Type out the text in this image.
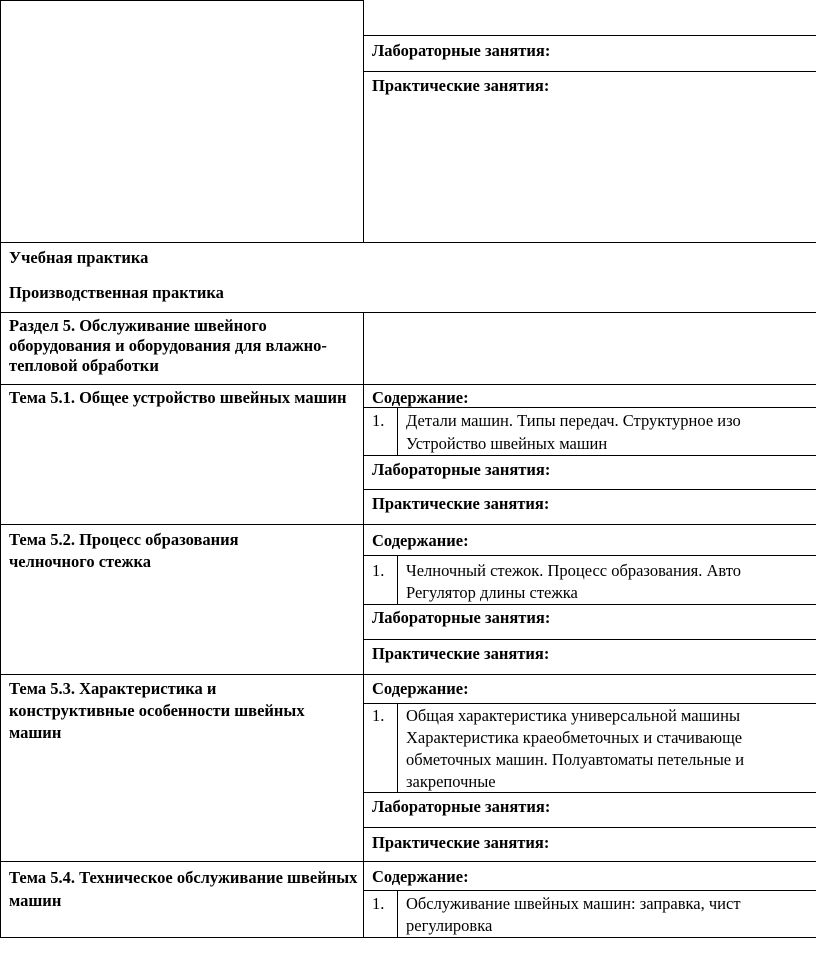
Лабораторные занятия:
Практические занятия:
Учебная практика
Производственная практика
Раздел 5. Обслуживание швейного оборудования и оборудования для влажно-тепловой обработки
Тема 5.1. Общее устройство швейных машин	Содержание:
1. Детали машин. Типы передач. Структурное изо
Устройство швейных машин
Лабораторные занятия:
Практические занятия:
Тема 5.2. Процесс образования челночного стежка
Содержание:
1. Челночный стежок. Процесс образования. Авто
Регулятор длины стежка
Лабораторные занятия:
Практические занятия:
Тема 5.3. Характеристика и конструктивные особенности швейных машин
Содержание:
1. Общая характеристика универсальной машины
Характеристика краеобметочных и стачивающе
обметочных машин. Полуавтоматы петельные и
закрепочные
Лабораторные занятия:
Практические занятия:
Тема 5.4. Техническое обслуживание швейных машин
Содержание:
1. Обслуживание швейных машин: заправка, чист
регулировка
